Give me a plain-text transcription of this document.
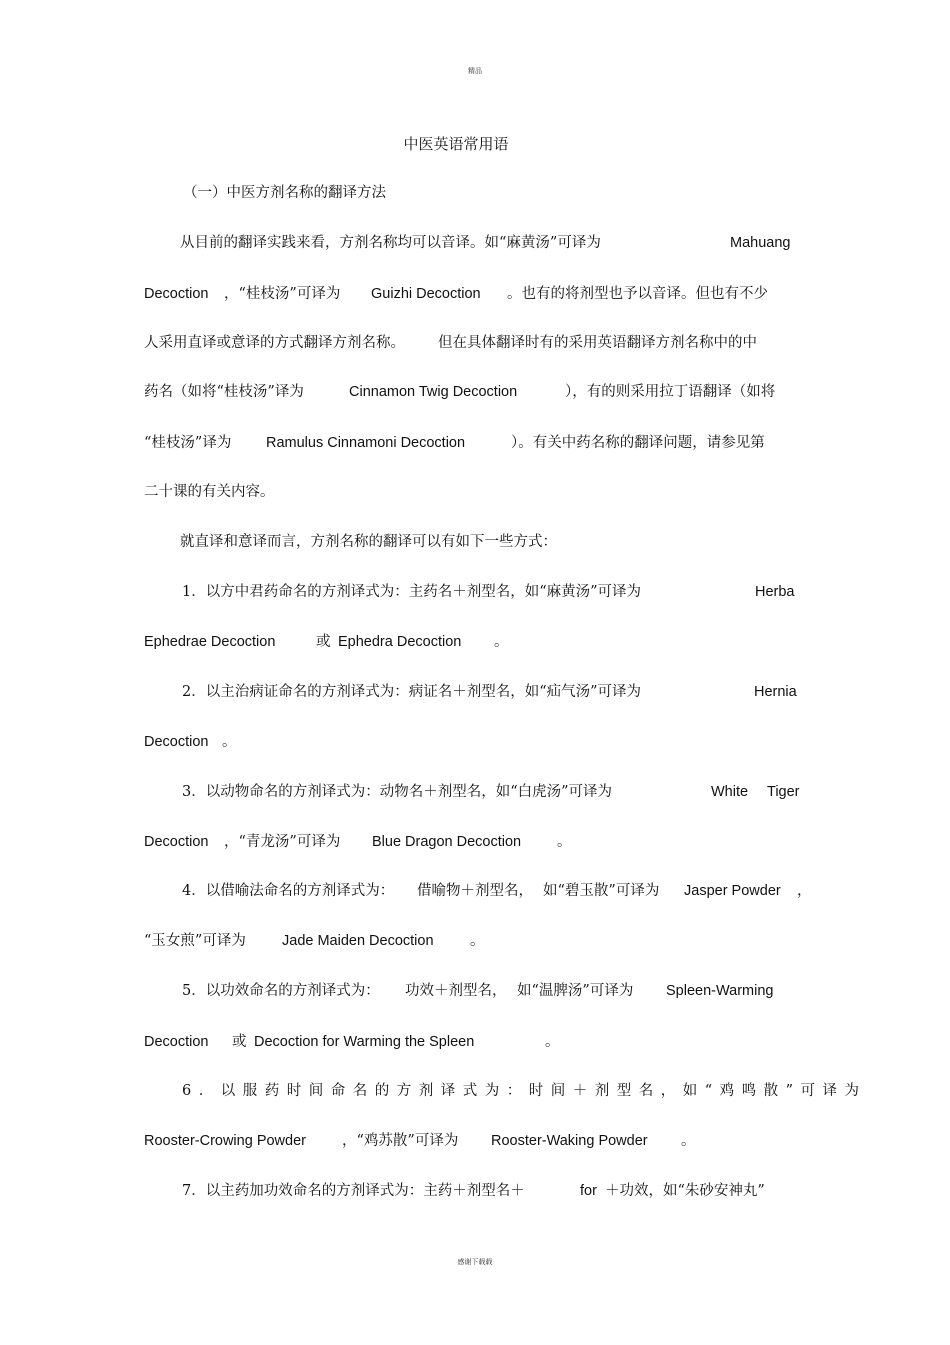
精品
中医英语常用语
（一）中医方剂名称的翻译方法
从目前的翻译实践来看，方剂名称均可以音译。如“麻黄汤”可译为	Mahuang
Decoction ，“桂枝汤”可译为 Guizhi Decoction 。也有的将剂型也予以音译。但也有不少
人采用直译或意译的方式翻译方剂名称。 但在具体翻译时有的采用英语翻译方剂名称中的中
药名（如将“桂枝汤”译为	Cinnamon Twig Decoction	），有的则采用拉丁语翻译（如将
“桂枝汤”译为 Ramulus Cinnamoni Decoction	）。有关中药名称的翻译问题，请参见第
二十课的有关内容。
就直译和意译而言，方剂名称的翻译可以有如下一些方式：
1．以方中君药命名的方剂译式为：主药名＋剂型名，如“麻黄汤”可译为	Herba
Ephedrae Decoction	或 Ephedra Decoction 。
2．以主治病证命名的方剂译式为：病证名＋剂型名，如“疝气汤”可译为	Hernia
Decoction 。
3．以动物命名的方剂译式为：动物名＋剂型名，如“白虎汤”可译为	White Tiger
Decoction ，“青龙汤”可译为 Blue Dragon Decoction 。
4．以借喻法命名的方剂译式为： 借喻物＋剂型名， 如“碧玉散”可译为 Jasper Powder ，
“玉女煎”可译为 Jade Maiden Decoction	。
5．以功效命名的方剂译式为： 功效＋剂型名， 如“温脾汤”可译为 Spleen-Warming
Decoction 或 Decoction for Warming the Spleen	。
6．以服药时间命名的方剂译式为：时间＋剂型名，如“鸡鸣散”可译为
Rooster-Crowing Powder ，“鸡苏散”可译为 Rooster-Waking Powder 。
7．以主药加功效命名的方剂译式为：主药＋剂型名＋	for ＋功效，如“朱砂安神丸”
感谢下载载
